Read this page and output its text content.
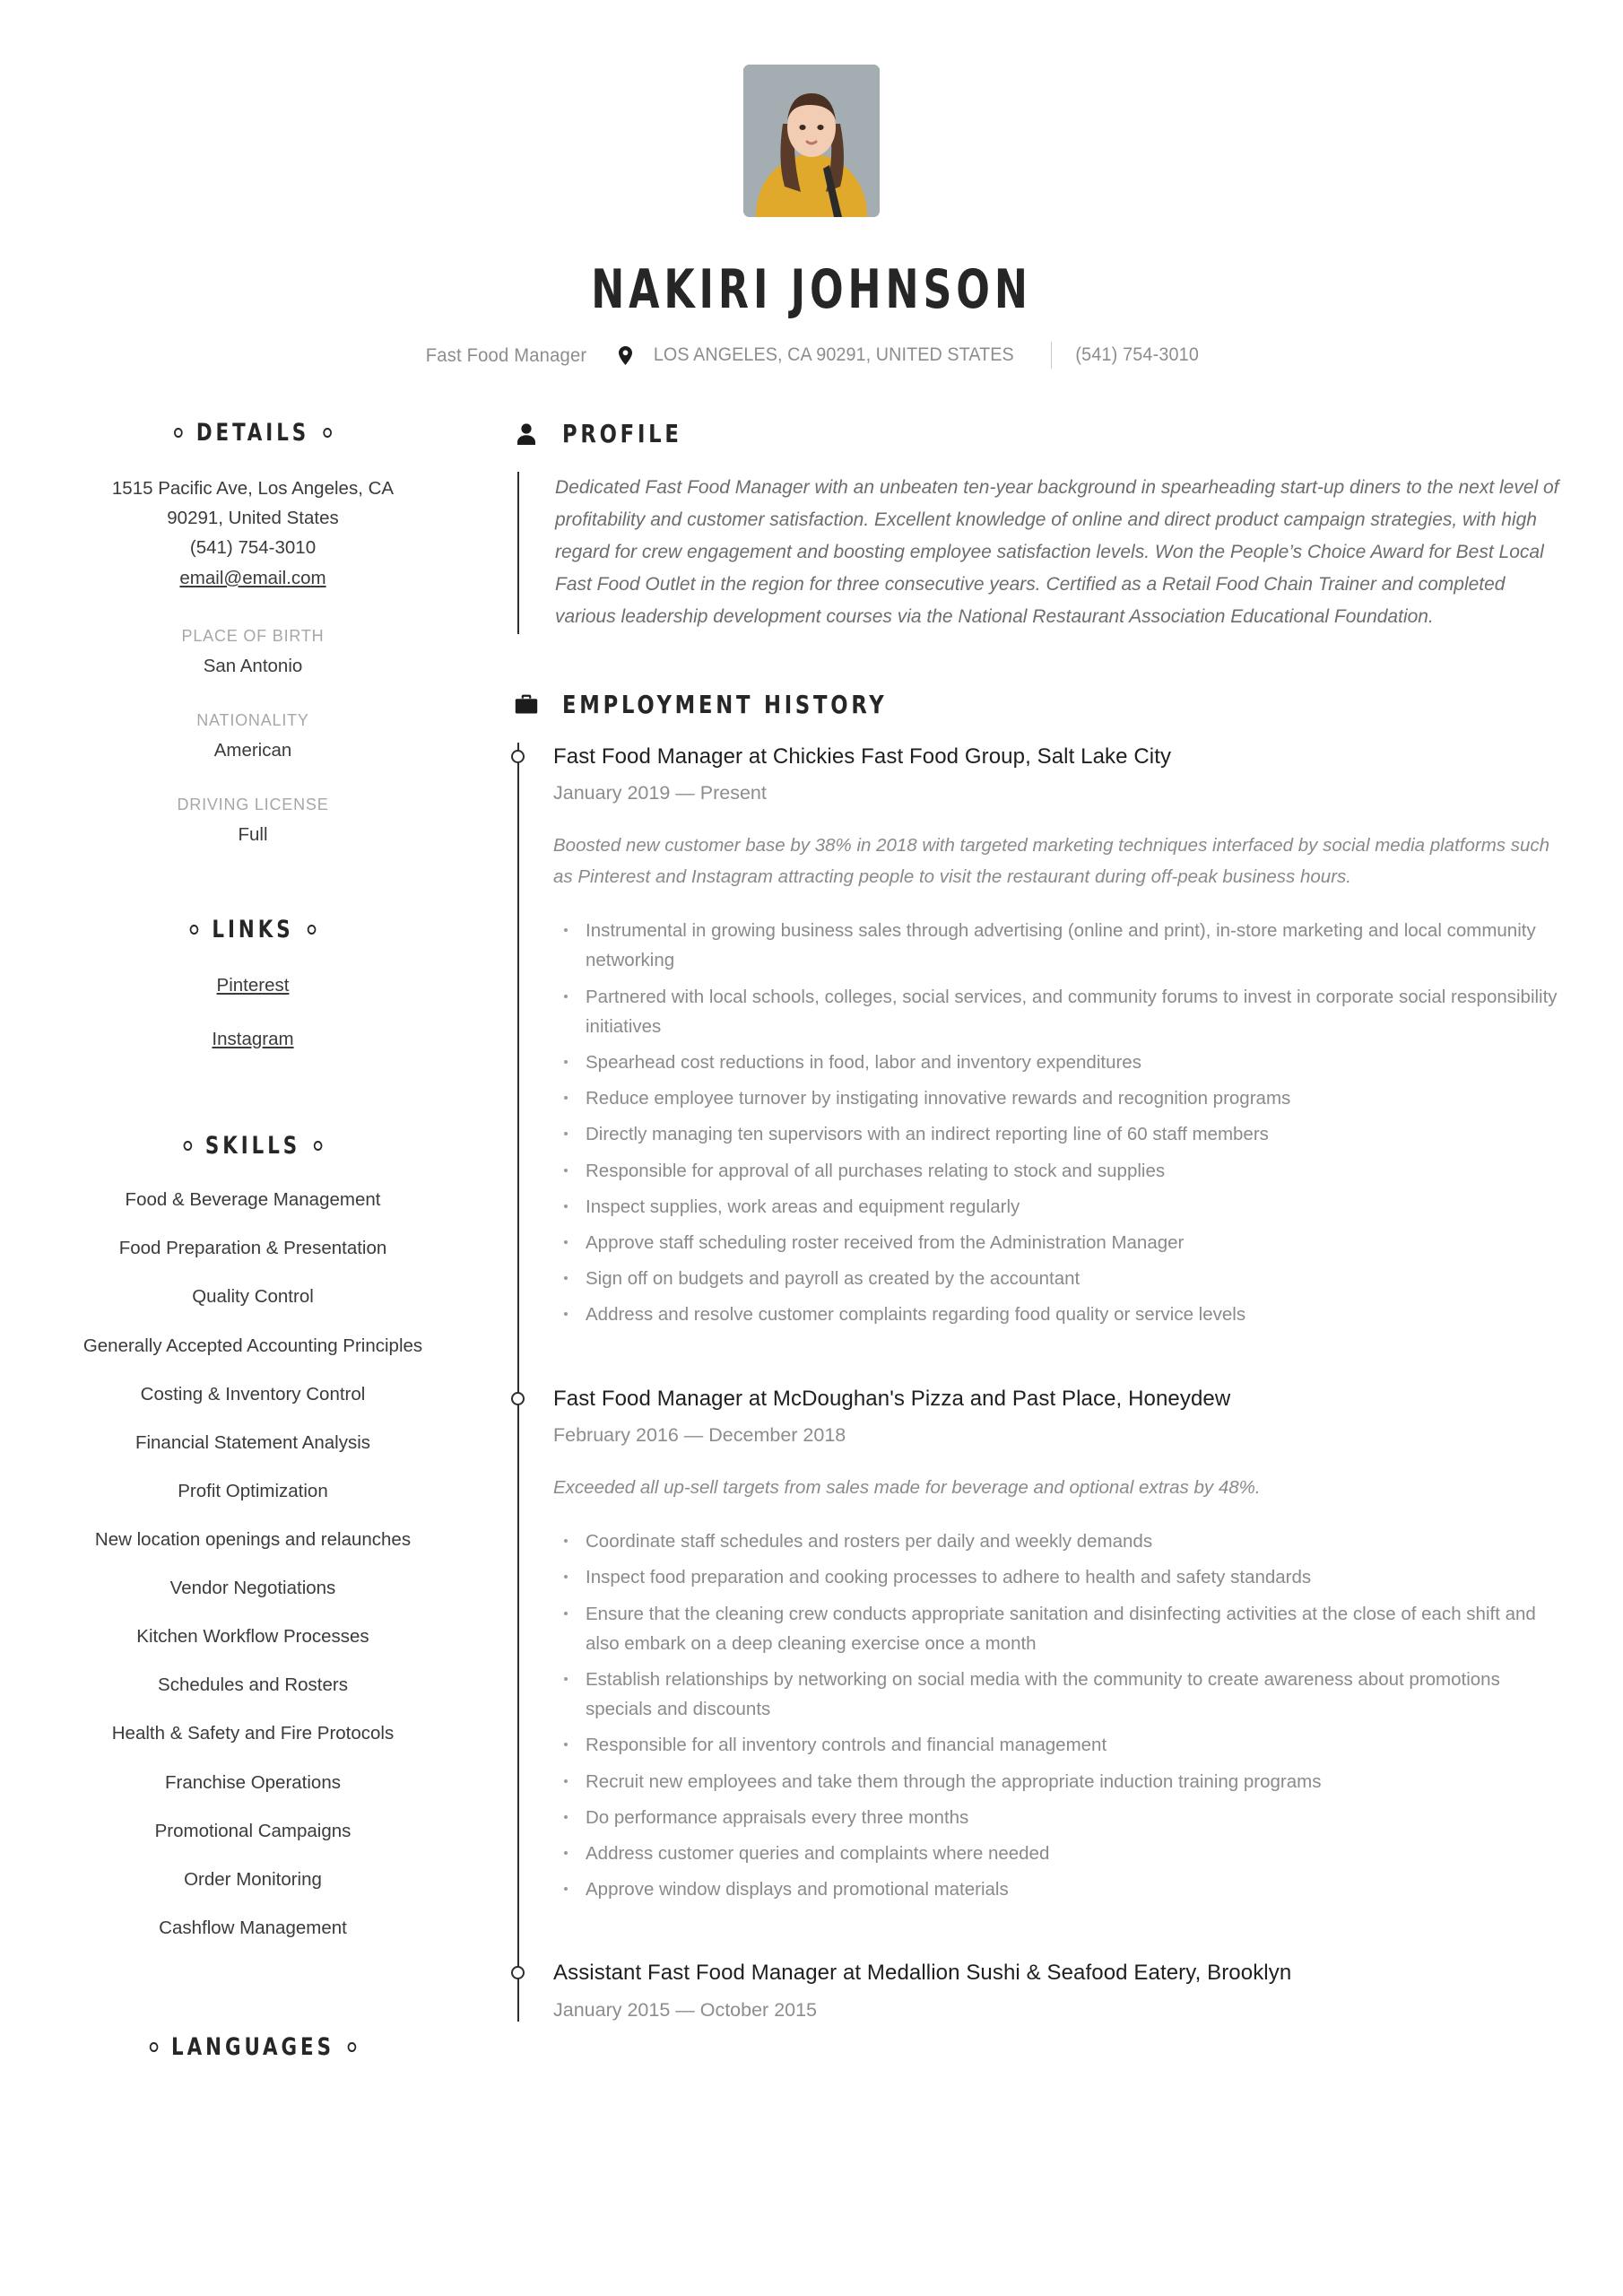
NAKIRI JOHNSON
Fast Food Manager	LOS ANGELES, CA 90291, UNITED STATES	(541) 754-3010
DETAILS
1515 Pacific Ave, Los Angeles, CA
90291, United States
(541) 754-3010
email@email.com
PLACE OF BIRTH
San Antonio
NATIONALITY
American
DRIVING LICENSE
Full
LINKS
Pinterest
Instagram
SKILLS
Food & Beverage Management
Food Preparation & Presentation
Quality Control
Generally Accepted Accounting Principles
Costing & Inventory Control
Financial Statement Analysis
Profit Optimization
New location openings and relaunches
Vendor Negotiations
Kitchen Workflow Processes
Schedules and Rosters
Health & Safety and Fire Protocols
Franchise Operations
Promotional Campaigns
Order Monitoring
Cashflow Management
LANGUAGES
PROFILE
Dedicated Fast Food Manager with an unbeaten ten-year background in spearheading start-up diners to the next level of profitability and customer satisfaction. Excellent knowledge of online and direct product campaign strategies, with high regard for crew engagement and boosting employee satisfaction levels. Won the People’s Choice Award for Best Local Fast Food Outlet in the region for three consecutive years. Certified as a Retail Food Chain Trainer and completed various leadership development courses via the National Restaurant Association Educational Foundation.
EMPLOYMENT HISTORY
Fast Food Manager at Chickies Fast Food Group, Salt Lake City
January 2019 — Present
Boosted new customer base by 38% in 2018 with targeted marketing techniques interfaced by social media platforms such as Pinterest and Instagram attracting people to visit the restaurant during off-peak business hours.
Instrumental in growing business sales through advertising (online and print), in-store marketing and local community networking
Partnered with local schools, colleges, social services, and community forums to invest in corporate social responsibility initiatives
Spearhead cost reductions in food, labor and inventory expenditures
Reduce employee turnover by instigating innovative rewards and recognition programs
Directly managing ten supervisors with an indirect reporting line of 60 staff members
Responsible for approval of all purchases relating to stock and supplies
Inspect supplies, work areas and equipment regularly
Approve staff scheduling roster received from the Administration Manager
Sign off on budgets and payroll as created by the accountant
Address and resolve customer complaints regarding food quality or service levels
Fast Food Manager at McDoughan's Pizza and Past Place, Honeydew
February 2016 — December 2018
Exceeded all up-sell targets from sales made for beverage and optional extras by 48%.
Coordinate staff schedules and rosters per daily and weekly demands
Inspect food preparation and cooking processes to adhere to health and safety standards
Ensure that the cleaning crew conducts appropriate sanitation and disinfecting activities at the close of each shift and also embark on a deep cleaning exercise once a month
Establish relationships by networking on social media with the community to create awareness about promotions specials and discounts
Responsible for all inventory controls and financial management
Recruit new employees and take them through the appropriate induction training programs
Do performance appraisals every three months
Address customer queries and complaints where needed
Approve window displays and promotional materials
Assistant Fast Food Manager at Medallion Sushi & Seafood Eatery, Brooklyn
January 2015 — October 2015
